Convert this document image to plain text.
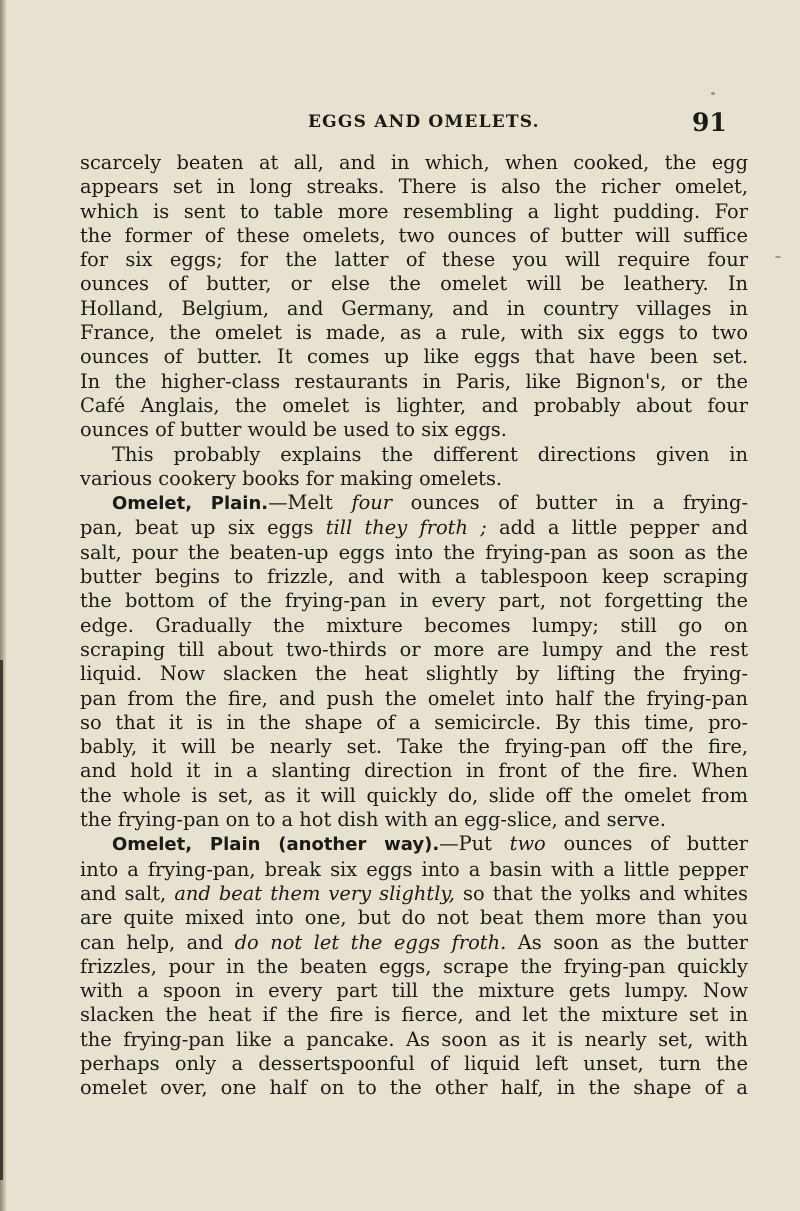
EGGS AND OMELETS.	91

scarcely beaten at all, and in which, when cooked, the egg
appears set in long streaks. There is also the richer omelet,
which is sent to table more resembling a light pudding. For
the former of these omelets, two ounces of butter will suffice
for six eggs; for the latter of these you will require four
ounces of butter, or else the omelet will be leathery. In
Holland, Belgium, and Germany, and in country villages in
France, the omelet is made, as a rule, with six eggs to two
ounces of butter. It comes up like eggs that have been set.
In the higher-class restaurants in Paris, like Bignon's, or the
Café Anglais, the omelet is lighter, and probably about four
ounces of butter would be used to six eggs.

This probably explains the different directions given in
various cookery books for making omelets.

Omelet, Plain.—Melt four ounces of butter in a frying-
pan, beat up six eggs till they froth ; add a little pepper and
salt, pour the beaten-up eggs into the frying-pan as soon as the
butter begins to frizzle, and with a tablespoon keep scraping
the bottom of the frying-pan in every part, not forgetting the
edge. Gradually the mixture becomes lumpy; still go on
scraping till about two-thirds or more are lumpy and the rest
liquid. Now slacken the heat slightly by lifting the frying-
pan from the fire, and push the omelet into half the frying-pan
so that it is in the shape of a semicircle. By this time, pro-
bably, it will be nearly set. Take the frying-pan off the fire,
and hold it in a slanting direction in front of the fire. When
the whole is set, as it will quickly do, slide off the omelet from
the frying-pan on to a hot dish with an egg-slice, and serve.

Omelet, Plain (another way).—Put two ounces of butter
into a frying-pan, break six eggs into a basin with a little pepper
and salt, and beat them very slightly, so that the yolks and whites
are quite mixed into one, but do not beat them more than you
can help, and do not let the eggs froth. As soon as the butter
frizzles, pour in the beaten eggs, scrape the frying-pan quickly
with a spoon in every part till the mixture gets lumpy. Now
slacken the heat if the fire is fierce, and let the mixture set in
the frying-pan like a pancake. As soon as it is nearly set, with
perhaps only a dessertspoonful of liquid left unset, turn the
omelet over, one half on to the other half, in the shape of a
